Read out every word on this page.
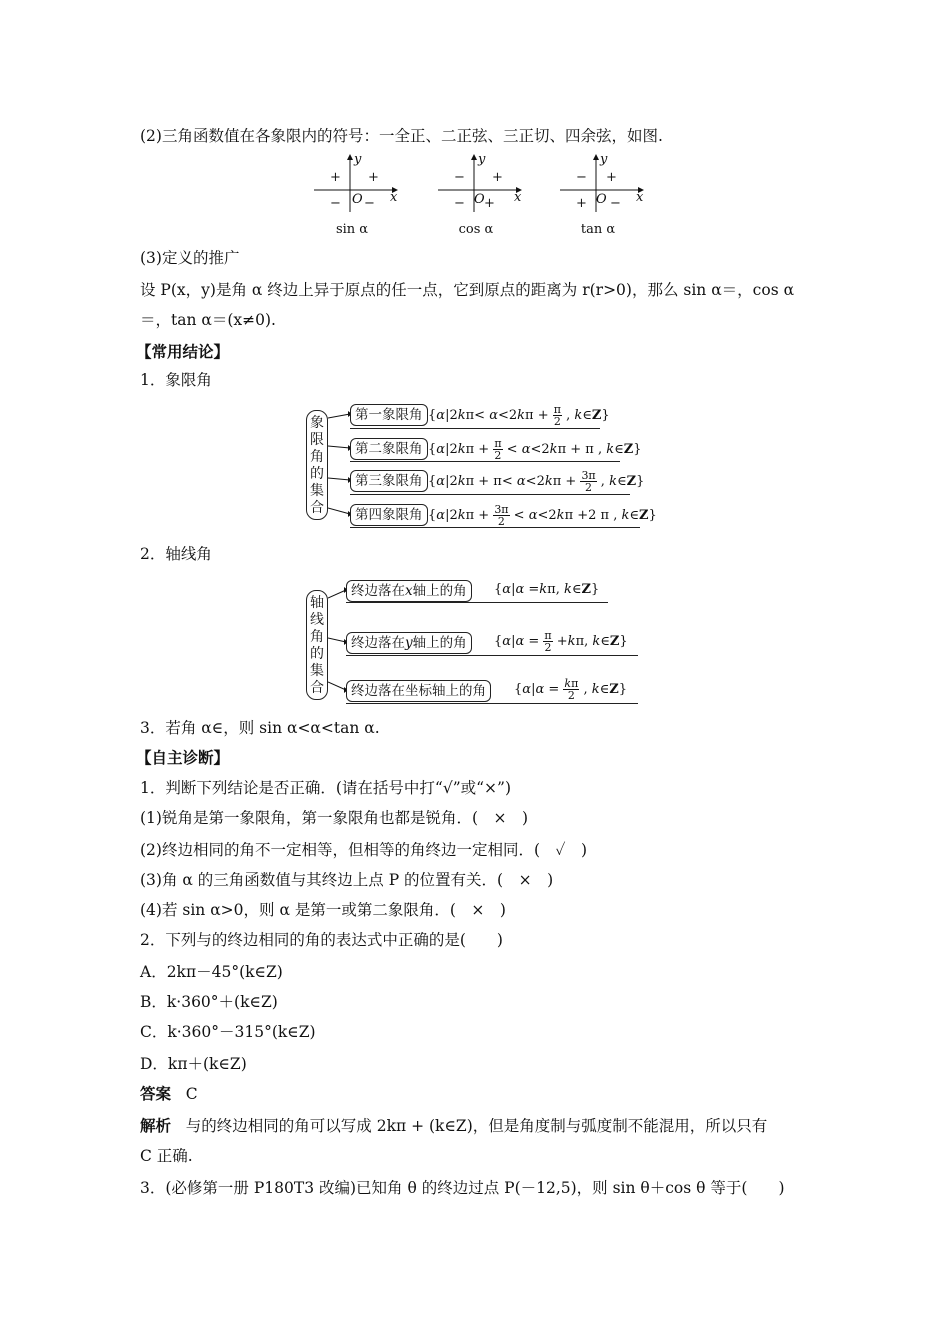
(2)三角函数值在各象限内的符号：一全正、二正弦、三正切、四余弦，如图.
+
+
− −
y
x
O
sin α
+
−
− +
y
x
O
cos α
+
−
+ −
y
x
O
tan α
(3)定义的推广
设 P(x，y)是角 α 终边上异于原点的任一点，它到原点的距离为 r(r>0)，那么 sin α＝，cos α
＝，tan α＝(x≠0).
【常用结论】
1．象限角
象
限
角
的
集
合
第一象限角 {$\alpha|2k\pi< \alpha<2k\pi + \frac{\pi}{2}$ , k∈Z}
第二象限角 {$\alpha|2k\pi + \frac{\pi}{2} < \alpha<2k\pi + \pi$ , k∈Z}
第三象限角 {$\alpha|2k\pi + \pi< \alpha<2k\pi + \frac{3\pi}{2}$ , k∈Z}
第四象限角 {$\alpha|2k\pi + \frac{3\pi}{2} < \alpha<2k\pi +2$ π , k∈Z}
2．轴线角
轴
线
角
的
集
合
终边落在x轴上的角	{α|α =kπ, k∈Z}
终边落在y轴上的角	{$\alpha|\alpha = \frac{\pi}{2} +k\pi$, k∈Z}
终边落在坐标轴上的角	{$\alpha|\alpha = \frac{k\pi}{2}$ , k∈Z}
3．若角 α∈，则 sin α<α<tan α.
【自主诊断】
1．判断下列结论是否正确．(请在括号中打“√”或“×”)
(1)锐角是第一象限角，第一象限角也都是锐角．(　×　)
(2)终边相同的角不一定相等，但相等的角终边一定相同．(　✓　)
(3)角 α 的三角函数值与其终边上点 P 的位置有关．(　×　)
(4)若 sin α>0，则 α 是第一或第二象限角．(　×　)
2．下列与的终边相同的角的表达式中正确的是(　　)
A．2kπ－45°(k∈Z)
B．k·360°＋(k∈Z)
C．k·360°－315°(k∈Z)
D．kπ＋(k∈Z)
答案 C
解析 与的终边相同的角可以写成 2kπ + (k∈Z)，但是角度制与弧度制不能混用，所以只有
C 正确.
3．(必修第一册 P180T3 改编)已知角 θ 的终边过点 P(－12,5)，则 sin θ＋cos θ 等于(　　)
